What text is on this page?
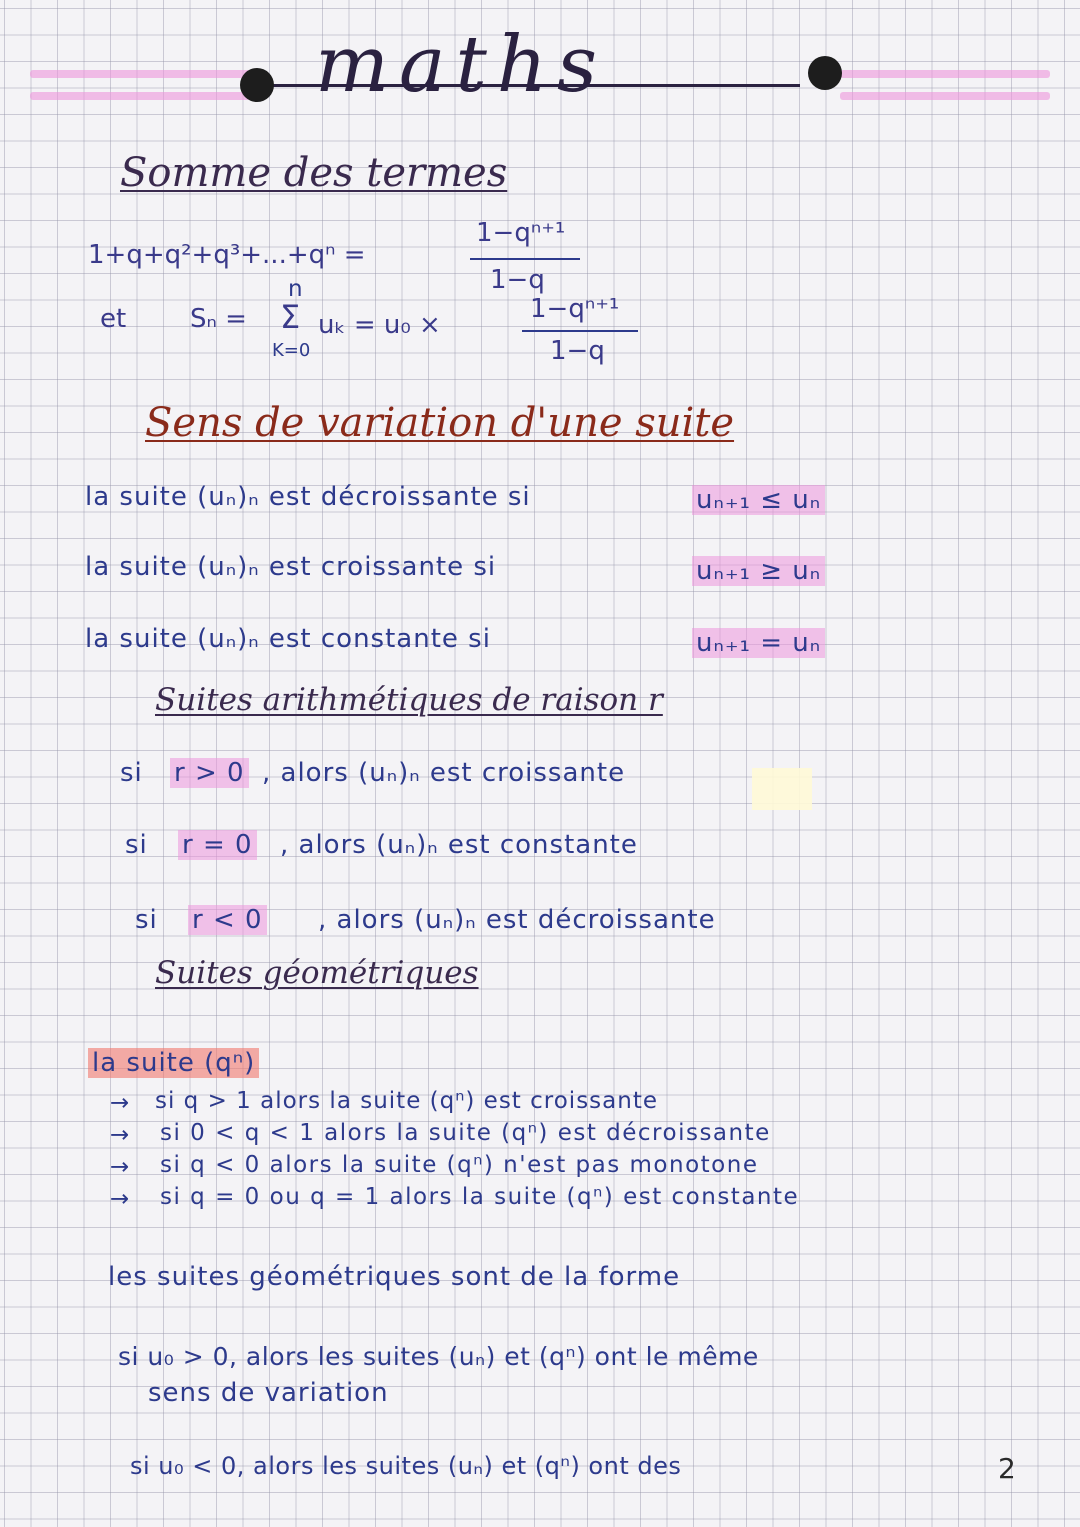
maths
Somme des termes
1+q+q²+q³+...+qⁿ =
1−qⁿ⁺¹
1−q
et Sₙ =
n
Σ
K=0
uₖ = u₀ ×
1−qⁿ⁺¹
1−q
Sens de variation d'une suite
la suite (uₙ)ₙ est décroissante si	uₙ₊₁ ≤ uₙ
la suite (uₙ)ₙ est croissante si	uₙ₊₁ ≥ uₙ
la suite (uₙ)ₙ est constante si	uₙ₊₁ = uₙ
Suites arithmétiques de raison r
si r > 0 , alors (uₙ)ₙ est croissante
si r = 0 , alors (uₙ)ₙ est constante
si r < 0 , alors (uₙ)ₙ est décroissante
Suites géométriques
la suite (qⁿ)
→ si q > 1 alors la suite (qⁿ) est croissante
→ si 0 < q < 1 alors la suite (qⁿ) est décroissante
→ si q < 0 alors la suite (qⁿ) n'est pas monotone
→ si q = 0 ou q = 1 alors la suite (qⁿ) est constante
les suites géométriques sont de la forme
si u₀ > 0, alors les suites (uₙ) et (qⁿ) ont le même
sens de variation
si u₀ < 0, alors les suites (uₙ) et (qⁿ) ont des	2
